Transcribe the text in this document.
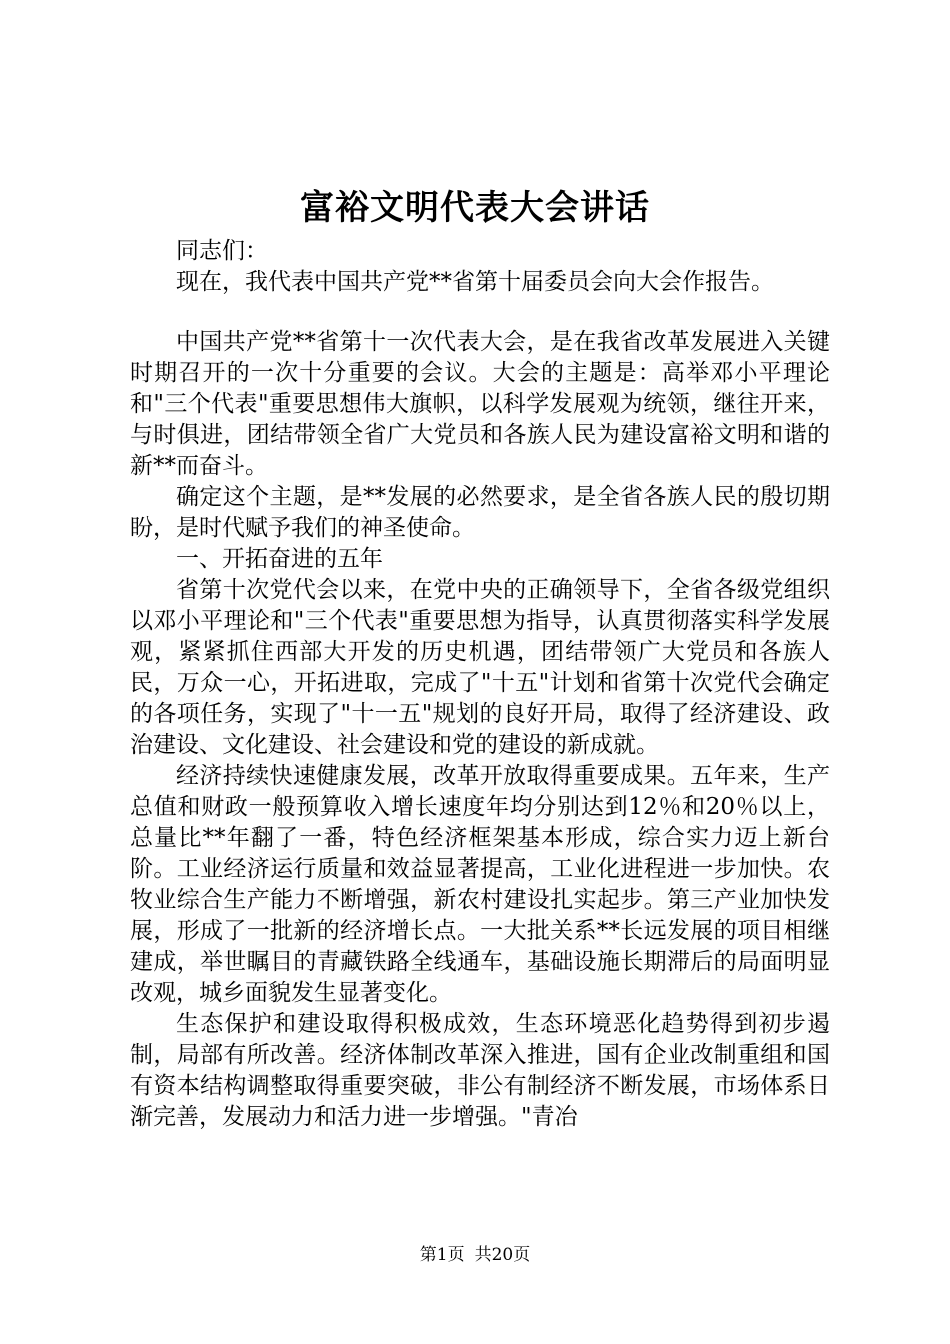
富裕文明代表大会讲话

同志们：

现在，我代表中国共产党**省第十届委员会向大会作报告。

中国共产党**省第十一次代表大会，是在我省改革发展进入关键时期召开的一次十分重要的会议。大会的主题是：高举邓小平理论和"三个代表"重要思想伟大旗帜，以科学发展观为统领，继往开来，与时俱进，团结带领全省广大党员和各族人民为建设富裕文明和谐的新**而奋斗。

确定这个主题，是**发展的必然要求，是全省各族人民的殷切期盼，是时代赋予我们的神圣使命。

一、开拓奋进的五年

省第十次党代会以来，在党中央的正确领导下，全省各级党组织以邓小平理论和"三个代表"重要思想为指导，认真贯彻落实科学发展观，紧紧抓住西部大开发的历史机遇，团结带领广大党员和各族人民，万众一心，开拓进取，完成了"十五"计划和省第十次党代会确定的各项任务，实现了"十一五"规划的良好开局，取得了经济建设、政治建设、文化建设、社会建设和党的建设的新成就。

经济持续快速健康发展，改革开放取得重要成果。五年来，生产总值和财政一般预算收入增长速度年均分别达到12％和20％以上，总量比**年翻了一番，特色经济框架基本形成，综合实力迈上新台阶。工业经济运行质量和效益显著提高，工业化进程进一步加快。农牧业综合生产能力不断增强，新农村建设扎实起步。第三产业加快发展，形成了一批新的经济增长点。一大批关系**长远发展的项目相继建成，举世瞩目的青藏铁路全线通车，基础设施长期滞后的局面明显改观，城乡面貌发生显著变化。

生态保护和建设取得积极成效，生态环境恶化趋势得到初步遏制，局部有所改善。经济体制改革深入推进，国有企业改制重组和国有资本结构调整取得重要突破，非公有制经济不断发展，市场体系日渐完善，发展动力和活力进一步增强。"青冶

第1页 共20页
